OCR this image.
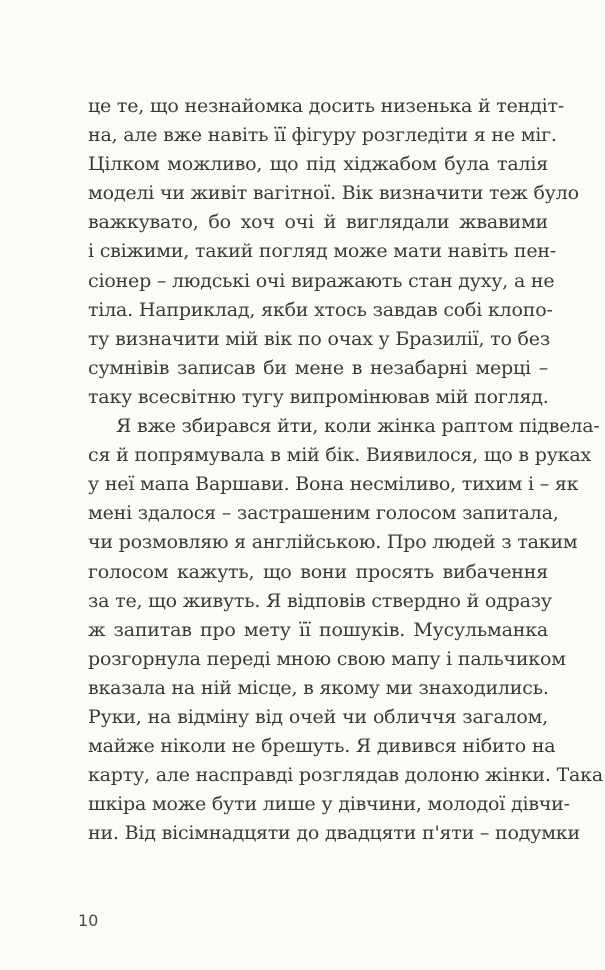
це те, що незнайомка досить низенька й тендіт-
на, але вже навіть її фігуру розгледіти я не міг.
Цілком можливо, що під хіджабом була талія
моделі чи живіт вагітної. Вік визначити теж було
важкувато, бо хоч очі й виглядали жвавими
і свіжими, такий погляд може мати навіть пен-
сіонер – людські очі виражають стан духу, а не
тіла. Наприклад, якби хтось завдав собі клопо-
ту визначити мій вік по очах у Бразилії, то без
сумнівів записав би мене в незабарні мерці –
таку всесвітню тугу випромінював мій погляд.
Я вже збирався йти, коли жінка раптом підвела-
ся й попрямувала в мій бік. Виявилося, що в руках
у неї мапа Варшави. Вона несміливо, тихим і – як
мені здалося – застрашеним голосом запитала,
чи розмовляю я англійською. Про людей з таким
голосом кажуть, що вони просять вибачення
за те, що живуть. Я відповів ствердно й одразу
ж запитав про мету її пошуків. Мусульманка
розгорнула переді мною свою мапу і пальчиком
вказала на ній місце, в якому ми знаходились.
Руки, на відміну від очей чи обличчя загалом,
майже ніколи не брешуть. Я дивився нібито на
карту, але насправді розглядав долоню жінки. Така
шкіра може бути лише у дівчини, молодої дівчи-
ни. Від вісімнадцяти до двадцяти п'яти – подумки
10
